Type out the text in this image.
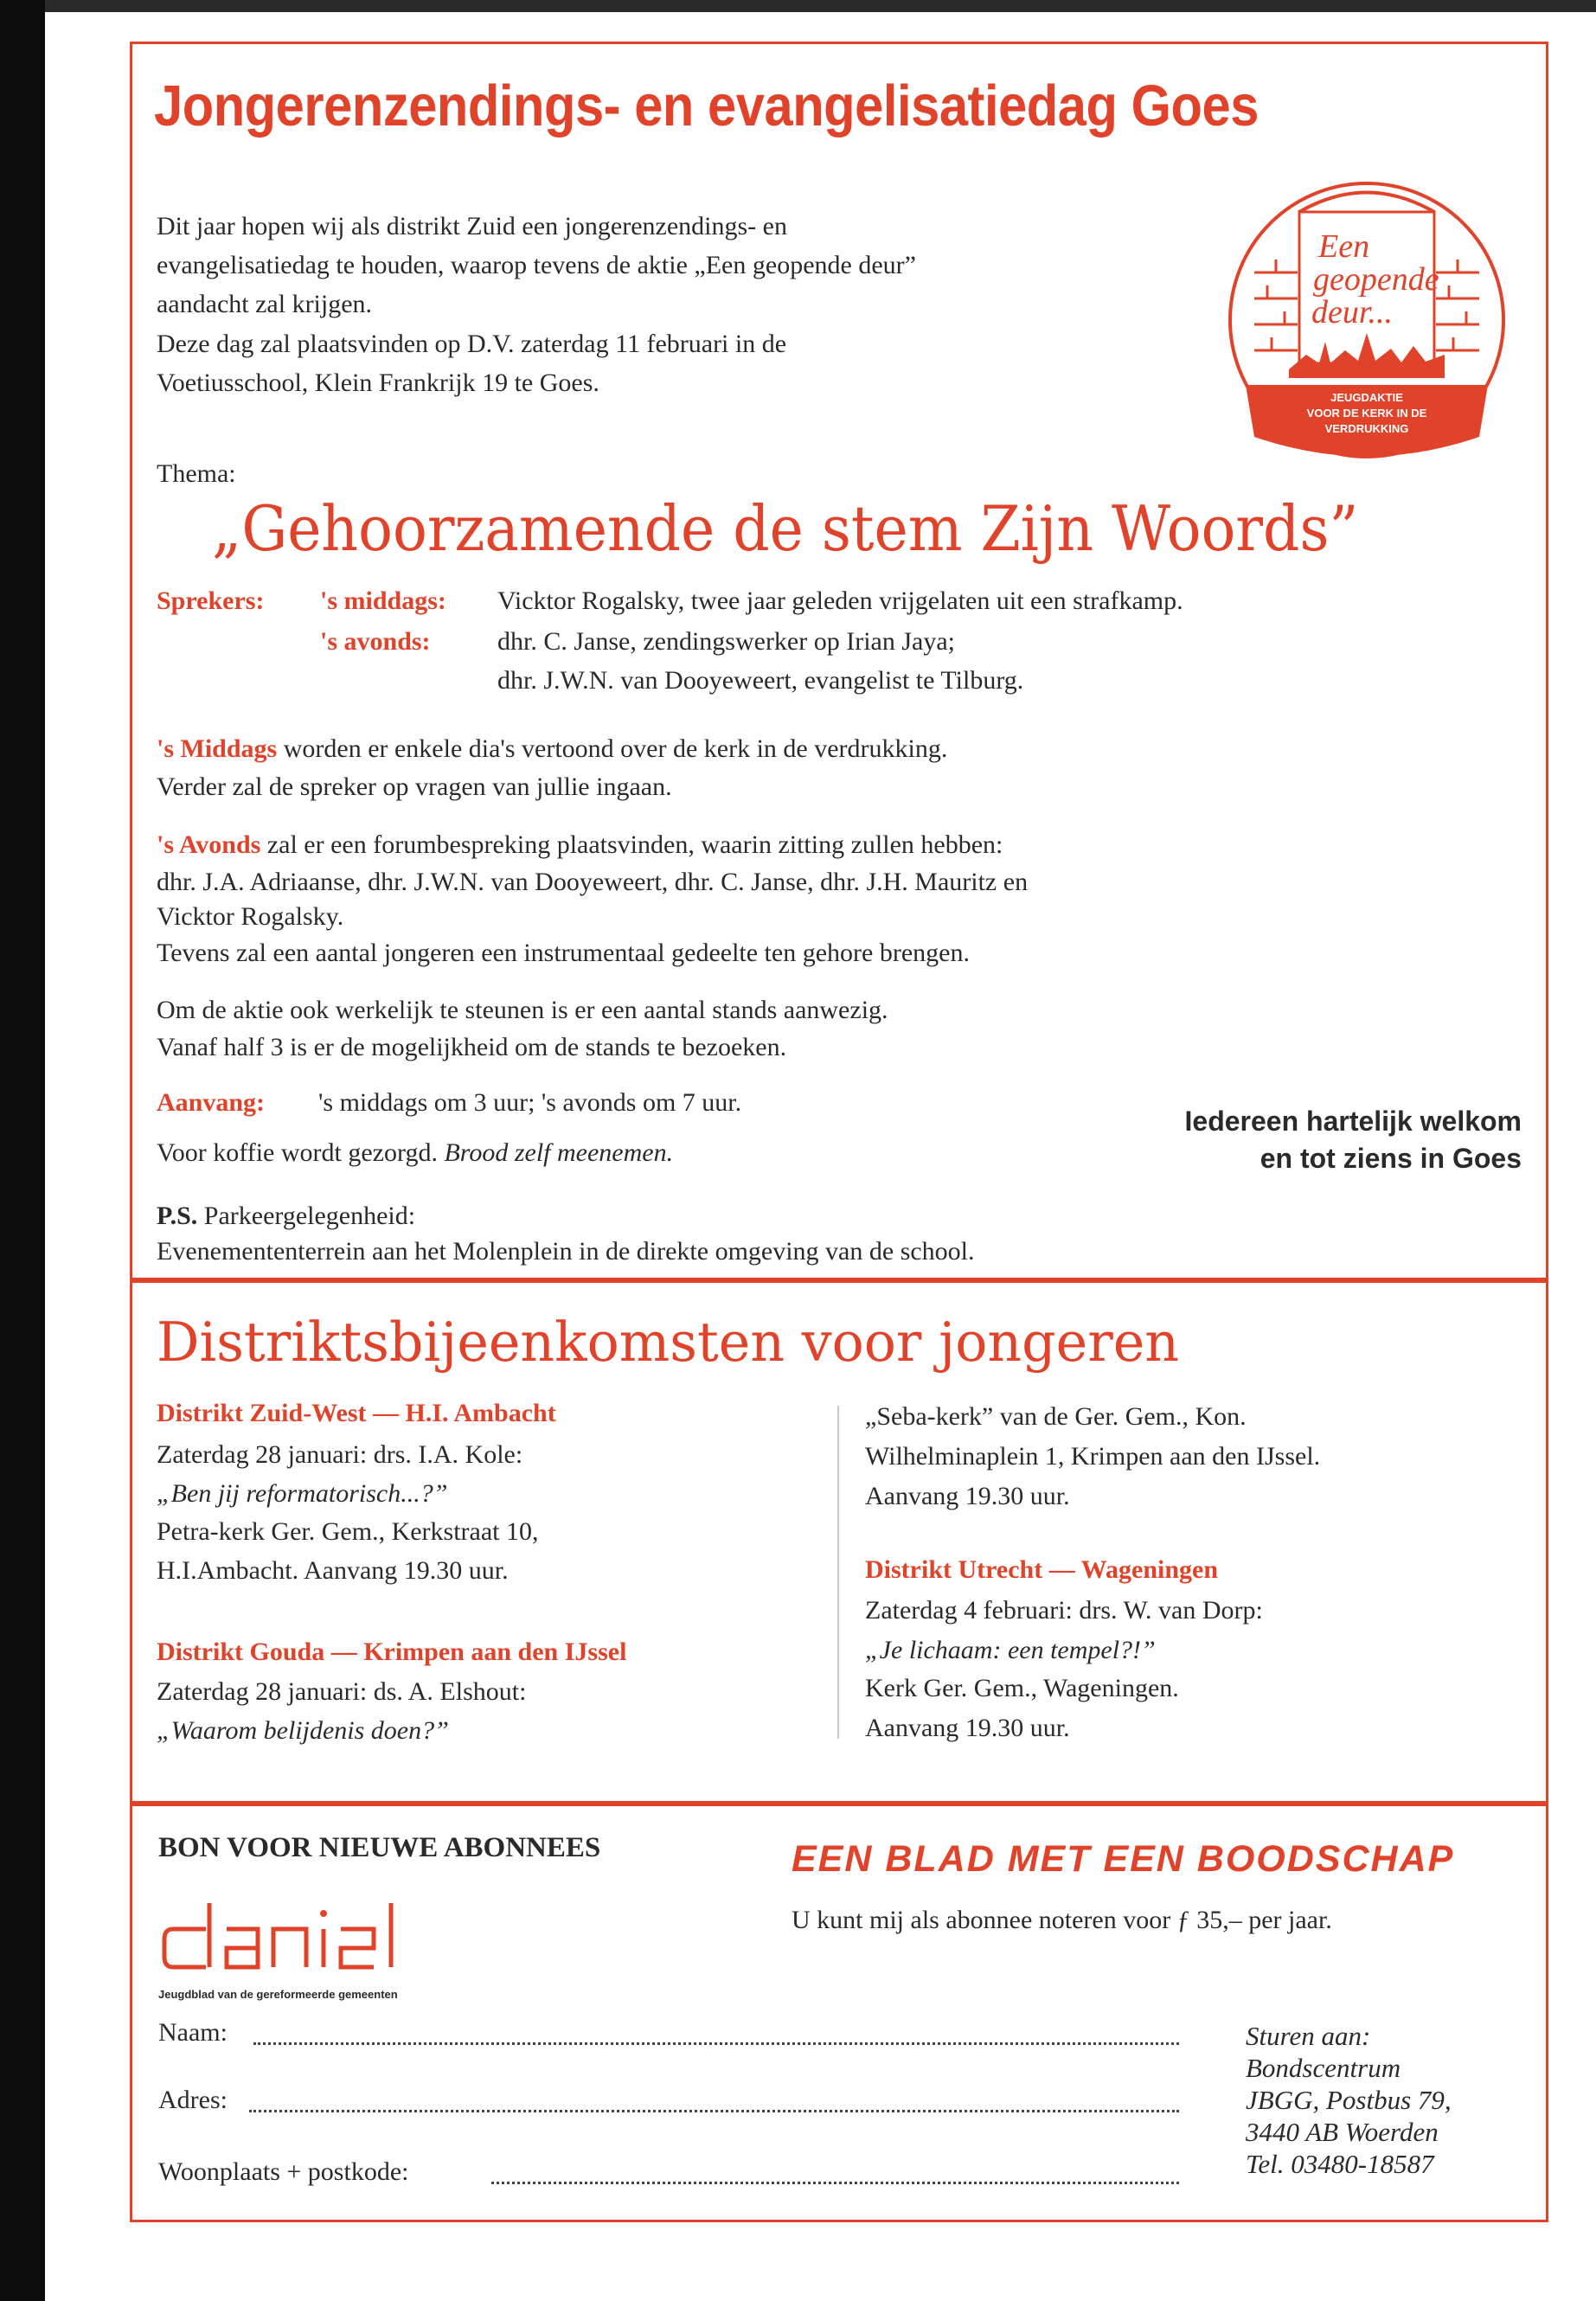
Jongerenzendings- en evangelisatiedag Goes
Dit jaar hopen wij als distrikt Zuid een jongerenzendings- en
evangelisatiedag te houden, waarop tevens de aktie „Een geopende deur”
aandacht zal krijgen.
Deze dag zal plaatsvinden op D.V. zaterdag 11 februari in de
Voetiusschool, Klein Frankrijk 19 te Goes.
Een
geopende
deur...
JEUGDAKTIE
VOOR DE KERK IN DE
VERDRUKKING
Thema:
„Gehoorzamende de stem Zijn Woords”
Sprekers: 's middags: Vicktor Rogalsky, twee jaar geleden vrijgelaten uit een strafkamp.
's avonds:	dhr. C. Janse, zendingswerker op Irian Jaya;
dhr. J.W.N. van Dooyeweert, evangelist te Tilburg.
's Middags worden er enkele dia's vertoond over de kerk in de verdrukking.
Verder zal de spreker op vragen van jullie ingaan.
's Avonds zal er een forumbespreking plaatsvinden, waarin zitting zullen hebben:
dhr. J.A. Adriaanse, dhr. J.W.N. van Dooyeweert, dhr. C. Janse, dhr. J.H. Mauritz en
Vicktor Rogalsky.
Tevens zal een aantal jongeren een instrumentaal gedeelte ten gehore brengen.
Om de aktie ook werkelijk te steunen is er een aantal stands aanwezig.
Vanaf half 3 is er de mogelijkheid om de stands te bezoeken.
Aanvang: 's middags om 3 uur; 's avonds om 7 uur.
Voor koffie wordt gezorgd. Brood zelf meenemen.
Iedereen hartelijk welkom
en tot ziens in Goes
P.S. Parkeergelegenheid:
Evenemententerrein aan het Molenplein in de direkte omgeving van de school.
Distriktsbijeenkomsten voor jongeren
Distrikt Zuid-West — H.I. Ambacht
Zaterdag 28 januari: drs. I.A. Kole:
„Ben jij reformatorisch...?”
Petra-kerk Ger. Gem., Kerkstraat 10,
H.I.Ambacht. Aanvang 19.30 uur.
Distrikt Gouda — Krimpen aan den IJssel
Zaterdag 28 januari: ds. A. Elshout:
„Waarom belijdenis doen?”
„Seba-kerk” van de Ger. Gem., Kon.
Wilhelminaplein 1, Krimpen aan den IJssel.
Aanvang 19.30 uur.
Distrikt Utrecht — Wageningen
Zaterdag 4 februari: drs. W. van Dorp:
„Je lichaam: een tempel?!”
Kerk Ger. Gem., Wageningen.
Aanvang 19.30 uur.
BON VOOR NIEUWE ABONNEES	EEN BLAD MET EEN BOODSCHAP
U kunt mij als abonnee noteren voor ƒ 35,– per jaar.
Jeugdblad van de gereformeerde gemeenten
Naam:
Adres:
Woonplaats + postkode:
Sturen aan:
Bondscentrum
JBGG, Postbus 79,
3440 AB Woerden
Tel. 03480-18587
